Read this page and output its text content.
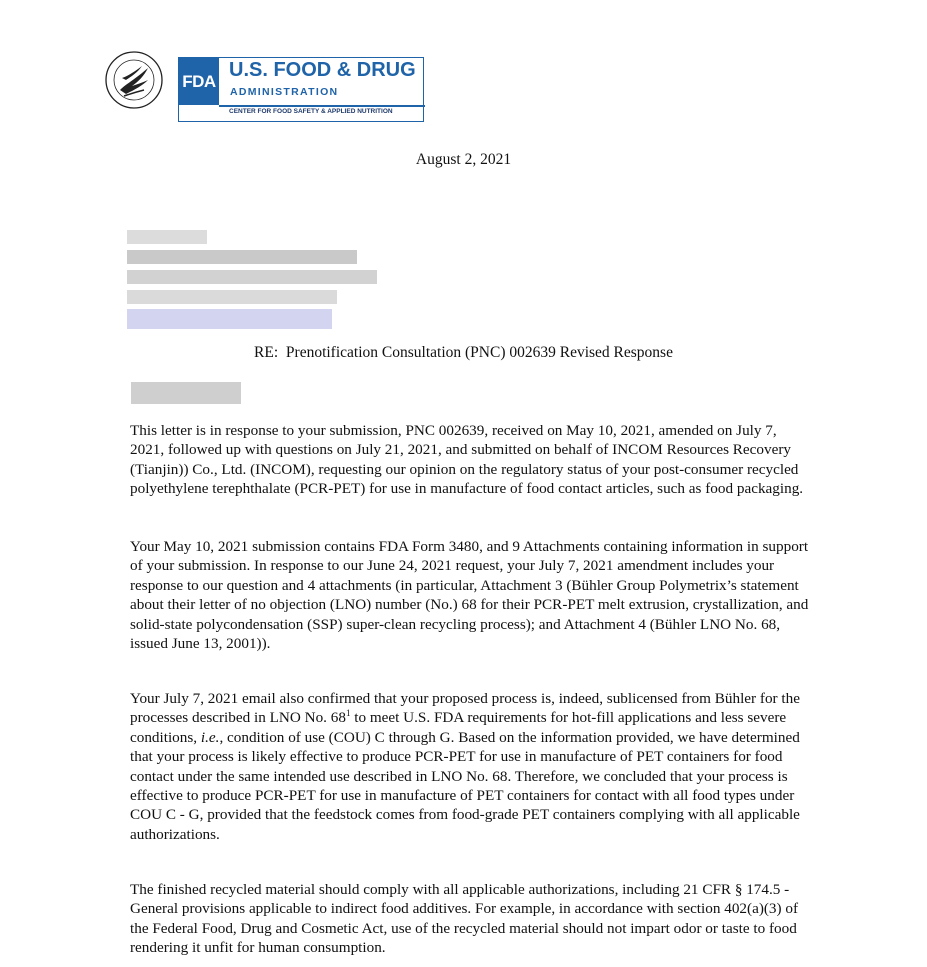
FDA U.S. FOOD & DRUG
ADMINISTRATION
CENTER FOR FOOD SAFETY & APPLIED NUTRITION
August 2, 2021
RE:  Prenotification Consultation (PNC) 002639 Revised Response

This letter is in response to your submission, PNC 002639, received on May 10, 2021, amended on July 7, 2021, followed up with questions on July 21, 2021, and submitted on behalf of INCOM Resources Recovery (Tianjin)) Co., Ltd. (INCOM), requesting our opinion on the regulatory status of your post-consumer recycled polyethylene terephthalate (PCR-PET) for use in manufacture of food contact articles, such as food packaging.

Your May 10, 2021 submission contains FDA Form 3480, and 9 Attachments containing information in support of your submission. In response to our June 24, 2021 request, your July 7, 2021 amendment includes your response to our question and 4 attachments (in particular, Attachment 3 (Bühler Group Polymetrix’s statement about their letter of no objection (LNO) number (No.) 68 for their PCR-PET melt extrusion, crystallization, and solid-state polycondensation (SSP) super-clean recycling process); and Attachment 4 (Bühler LNO No. 68, issued June 13, 2001)).

Your July 7, 2021 email also confirmed that your proposed process is, indeed, sublicensed from Bühler for the processes described in LNO No. $68^1$ to meet U.S. FDA requirements for hot-fill applications and less severe conditions, i.e., condition of use (COU) C through G. Based on the information provided, we have determined that your process is likely effective to produce PCR-PET for use in manufacture of PET containers for food contact under the same intended use described in LNO No. 68. Therefore, we concluded that your process is effective to produce PCR-PET for use in manufacture of PET containers for contact with all food types under COU C - G, provided that the feedstock comes from food-grade PET containers complying with all applicable authorizations.

The finished recycled material should comply with all applicable authorizations, including 21 CFR § 174.5 - General provisions applicable to indirect food additives. For example, in accordance with section 402(a)(3) of the Federal Food, Drug and Cosmetic Act, use of the recycled material should not impart odor or taste to food rendering it unfit for human consumption.
